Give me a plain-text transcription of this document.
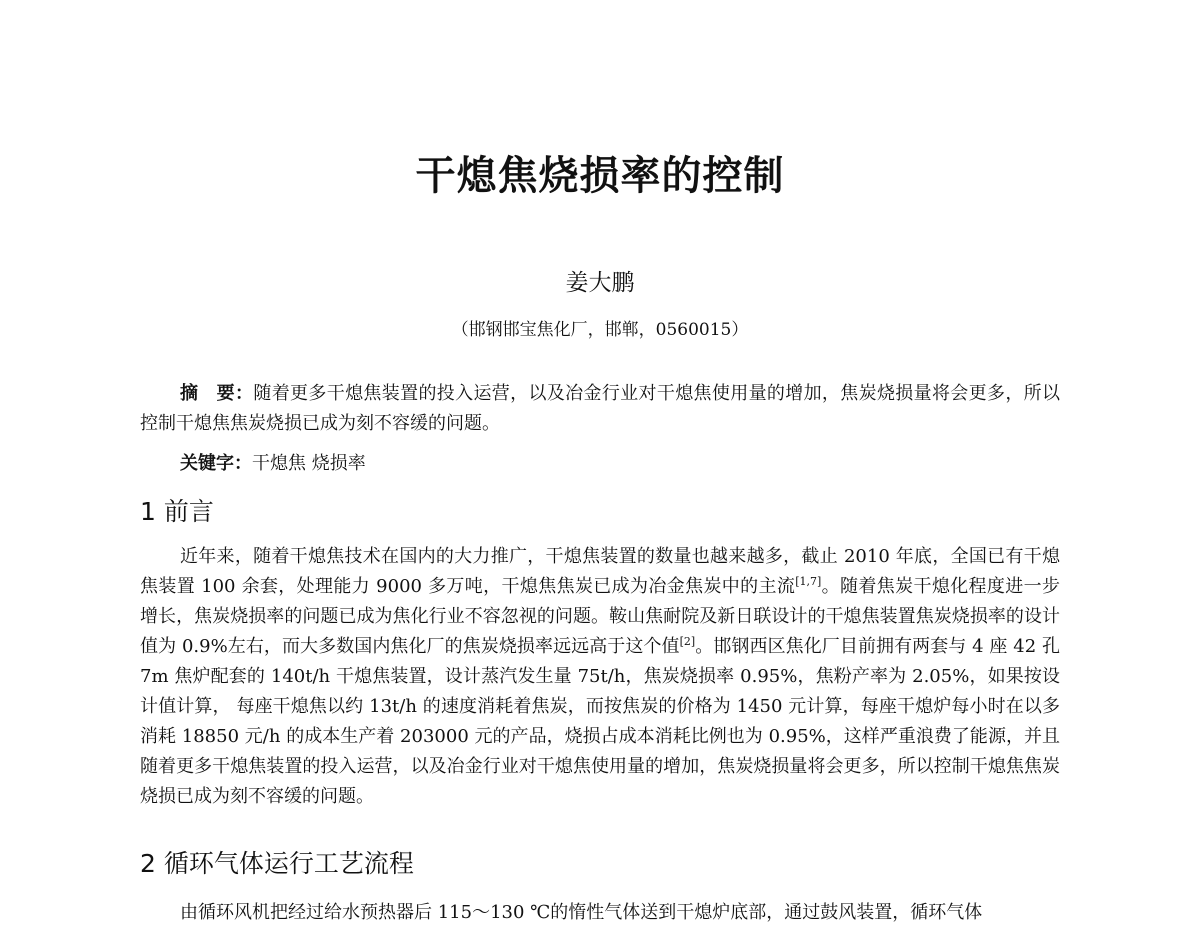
干熄焦烧损率的控制
姜大鹏
（邯钢邯宝焦化厂，邯郸，0560015）

摘　要：随着更多干熄焦装置的投入运营，以及冶金行业对干熄焦使用量的增加，焦炭烧损量将会更多，所以控制干熄焦焦炭烧损已成为刻不容缓的问题。

关键字：干熄焦 烧损率

1 前言

近年来，随着干熄焦技术在国内的大力推广，干熄焦装置的数量也越来越多，截止 2010 年底，全国已有干熄焦装置 100 余套，处理能力 9000 多万吨，干熄焦焦炭已成为冶金焦炭中的主流[1,7]。随着焦炭干熄化程度进一步增长，焦炭烧损率的问题已成为焦化行业不容忽视的问题。鞍山焦耐院及新日联设计的干熄焦装置焦炭烧损率的设计值为 0.9%左右，而大多数国内焦化厂的焦炭烧损率远远高于这个值[2]。邯钢西区焦化厂目前拥有两套与 4 座 42 孔 7m 焦炉配套的 140t/h 干熄焦装置，设计蒸汽发生量 75t/h，焦炭烧损率 0.95%，焦粉产率为 2.05%，如果按设计值计算， 每座干熄焦以约 13t/h 的速度消耗着焦炭，而按焦炭的价格为 1450 元计算，每座干熄炉每小时在以多消耗 18850 元/h 的成本生产着 203000 元的产品，烧损占成本消耗比例也为 0.95%，这样严重浪费了能源，并且随着更多干熄焦装置的投入运营，以及冶金行业对干熄焦使用量的增加，焦炭烧损量将会更多，所以控制干熄焦焦炭烧损已成为刻不容缓的问题。

2 循环气体运行工艺流程

由循环风机把经过给水预热器后 115～130 ℃的惰性气体送到干熄炉底部，通过鼓风装置，循环气体
